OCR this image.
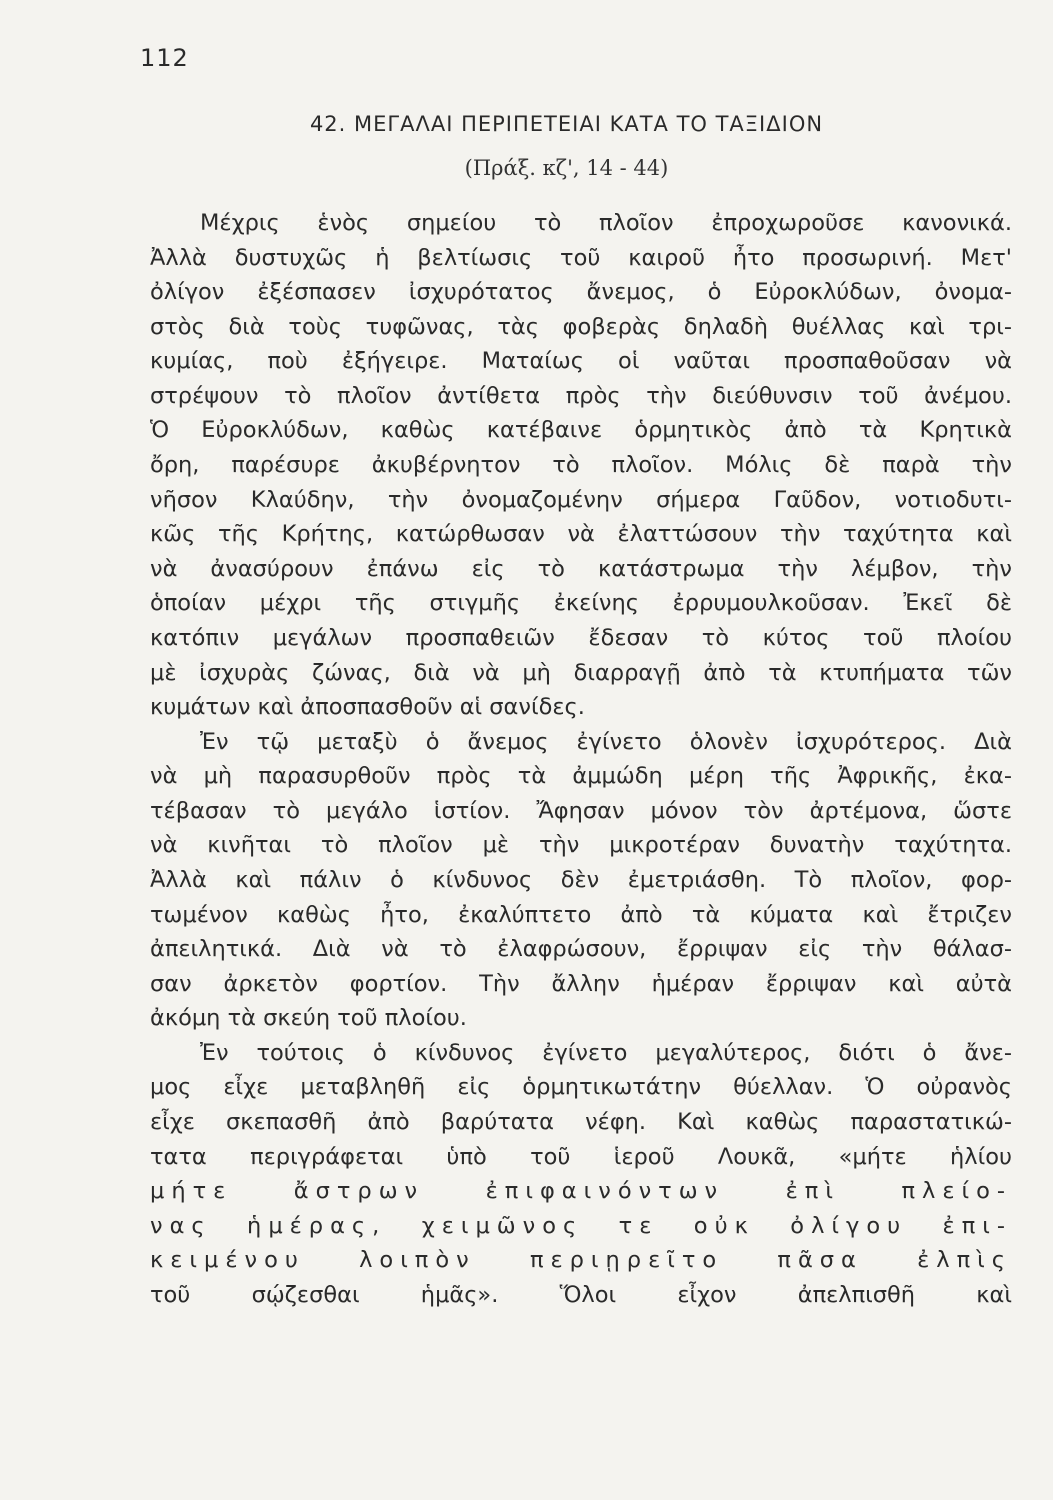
112
42. ΜΕΓΑΛΑΙ ΠΕΡΙΠΕΤΕΙΑΙ ΚΑΤΑ ΤΟ ΤΑΞΙΔΙΟΝ
(Πράξ. κζ', 14 - 44)
Μέχρις ἑνὸς σημείου τὸ πλοῖον ἐπροχωροῦσε κανονικά.
Ἀλλὰ δυστυχῶς ἡ βελτίωσις τοῦ καιροῦ ἦτο προσωρινή. Μετ'
ὀλίγον ἐξέσπασεν ἰσχυρότατος ἄνεμος, ὁ Εὐροκλύδων, ὀνομα-
στὸς διὰ τοὺς τυφῶνας, τὰς φοβερὰς δηλαδὴ θυέλλας καὶ τρι-
κυμίας, ποὺ ἐξήγειρε. Ματαίως οἱ ναῦται προσπαθοῦσαν νὰ
στρέψουν τὸ πλοῖον ἀντίθετα πρὸς τὴν διεύθυνσιν τοῦ ἀνέμου.
Ὁ Εὐροκλύδων, καθὼς κατέβαινε ὁρμητικὸς ἀπὸ τὰ Κρητικὰ
ὄρη, παρέσυρε ἀκυβέρνητον τὸ πλοῖον. Μόλις δὲ παρὰ τὴν
νῆσον Κλαύδην, τὴν ὀνομαζομένην σήμερα Γαῦδον, νοτιοδυτι-
κῶς τῆς Κρήτης, κατώρθωσαν νὰ ἐλαττώσουν τὴν ταχύτητα καὶ
νὰ ἀνασύρουν ἐπάνω εἰς τὸ κατάστρωμα τὴν λέμβον, τὴν
ὁποίαν μέχρι τῆς στιγμῆς ἐκείνης ἐρρυμουλκοῦσαν. Ἐκεῖ δὲ
κατόπιν μεγάλων προσπαθειῶν ἔδεσαν τὸ κύτος τοῦ πλοίου
μὲ ἰσχυρὰς ζώνας, διὰ νὰ μὴ διαρραγῇ ἀπὸ τὰ κτυπήματα τῶν
κυμάτων καὶ ἀποσπασθοῦν αἱ σανίδες.
Ἐν τῷ μεταξὺ ὁ ἄνεμος ἐγίνετο ὁλονὲν ἰσχυρότερος. Διὰ
νὰ μὴ παρασυρθοῦν πρὸς τὰ ἀμμώδη μέρη τῆς Ἀφρικῆς, ἐκα-
τέβασαν τὸ μεγάλο ἱστίον. Ἄφησαν μόνον τὸν ἀρτέμονα, ὥστε
νὰ κινῆται τὸ πλοῖον μὲ τὴν μικροτέραν δυνατὴν ταχύτητα.
Ἀλλὰ καὶ πάλιν ὁ κίνδυνος δὲν ἐμετριάσθη. Τὸ πλοῖον, φορ-
τωμένον καθὼς ἦτο, ἐκαλύπτετο ἀπὸ τὰ κύματα καὶ ἔτριζεν
ἀπειλητικά. Διὰ νὰ τὸ ἐλαφρώσουν, ἔρριψαν εἰς τὴν θάλασ-
σαν ἀρκετὸν φορτίον. Τὴν ἄλλην ἡμέραν ἔρριψαν καὶ αὐτὰ
ἀκόμη τὰ σκεύη τοῦ πλοίου.
Ἐν τούτοις ὁ κίνδυνος ἐγίνετο μεγαλύτερος, διότι ὁ ἄνε-
μος εἶχε μεταβληθῆ εἰς ὁρμητικωτάτην θύελλαν. Ὁ οὐρανὸς
εἶχε σκεπασθῆ ἀπὸ βαρύτατα νέφη. Καὶ καθὼς παραστατικώ-
τατα περιγράφεται ὑπὸ τοῦ ἱεροῦ Λουκᾶ, «μήτε ἡλίου
μήτε ἄστρων ἐπιφαινόντων ἐπὶ πλείο-
νας ἡμέρας, χειμῶνος τε οὐκ ὀλίγου ἐπι-
κειμένου λοιπὸν περιῃρεῖτο πᾶσα ἐλπὶς
τοῦ σῴζεσθαι ἡμᾶς». Ὅλοι εἶχον ἀπελπισθῆ καὶ
